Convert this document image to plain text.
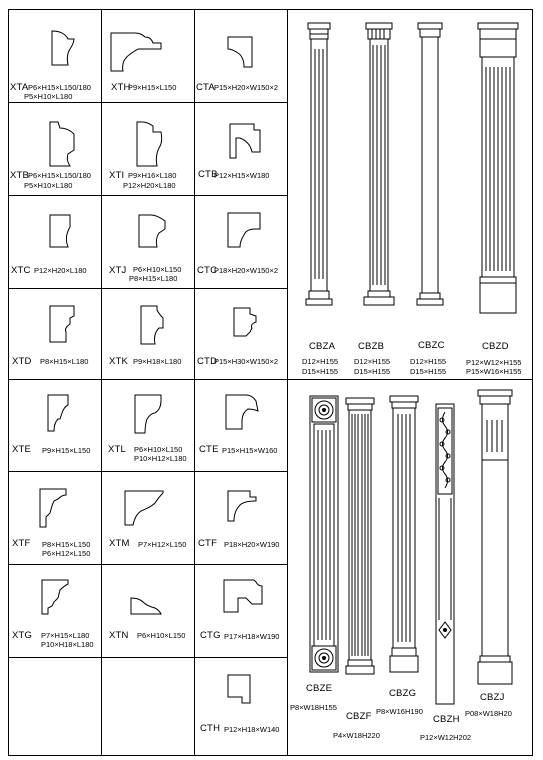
XTA P6×H15×L150/180
P5×H10×L180
XTH
P9×H15×L150 CTA P15×H20×W150×2
XTB
P6×H15×L150/180
P5×H10×L180
XTI P9×H16×L180
P12×H20×L180
CTB
P12×H15×W180
XTC P12×H20×L180 XTJ P6×H10×L150
P8×H15×L180
CTC
P18×H20×W150×2
XTD P8×H15×L180 XTK P9×H18×L180 CTD
P15×H30×W150×2
XTE P9×H15×L150 XTL P6×H10×L150
P10×H12×L180
CTE P15×H15×W160
XTF P8×H15×L150
P6×H12×L150
XTM P7×H12×L150 CTF P18×H20×W190
XTG P7×H15×L180
P10×H18×L180
XTN P6×H10×L150 CTG P17×H18×W190
CTH P12×H18×W140
CBZA
D12×H155
D15×H155
CBZB
D12×H155
D15×H155
CBZC
D12×H155
D15×H155
CBZD
P12×W12×H155
P15×W16×H155
CBZE
P8×W18H155
CBZF
P4×W18H220
CBZG
P8×W16H190
CBZH
P12×W12H202
CBZJ
P08×W18H20
